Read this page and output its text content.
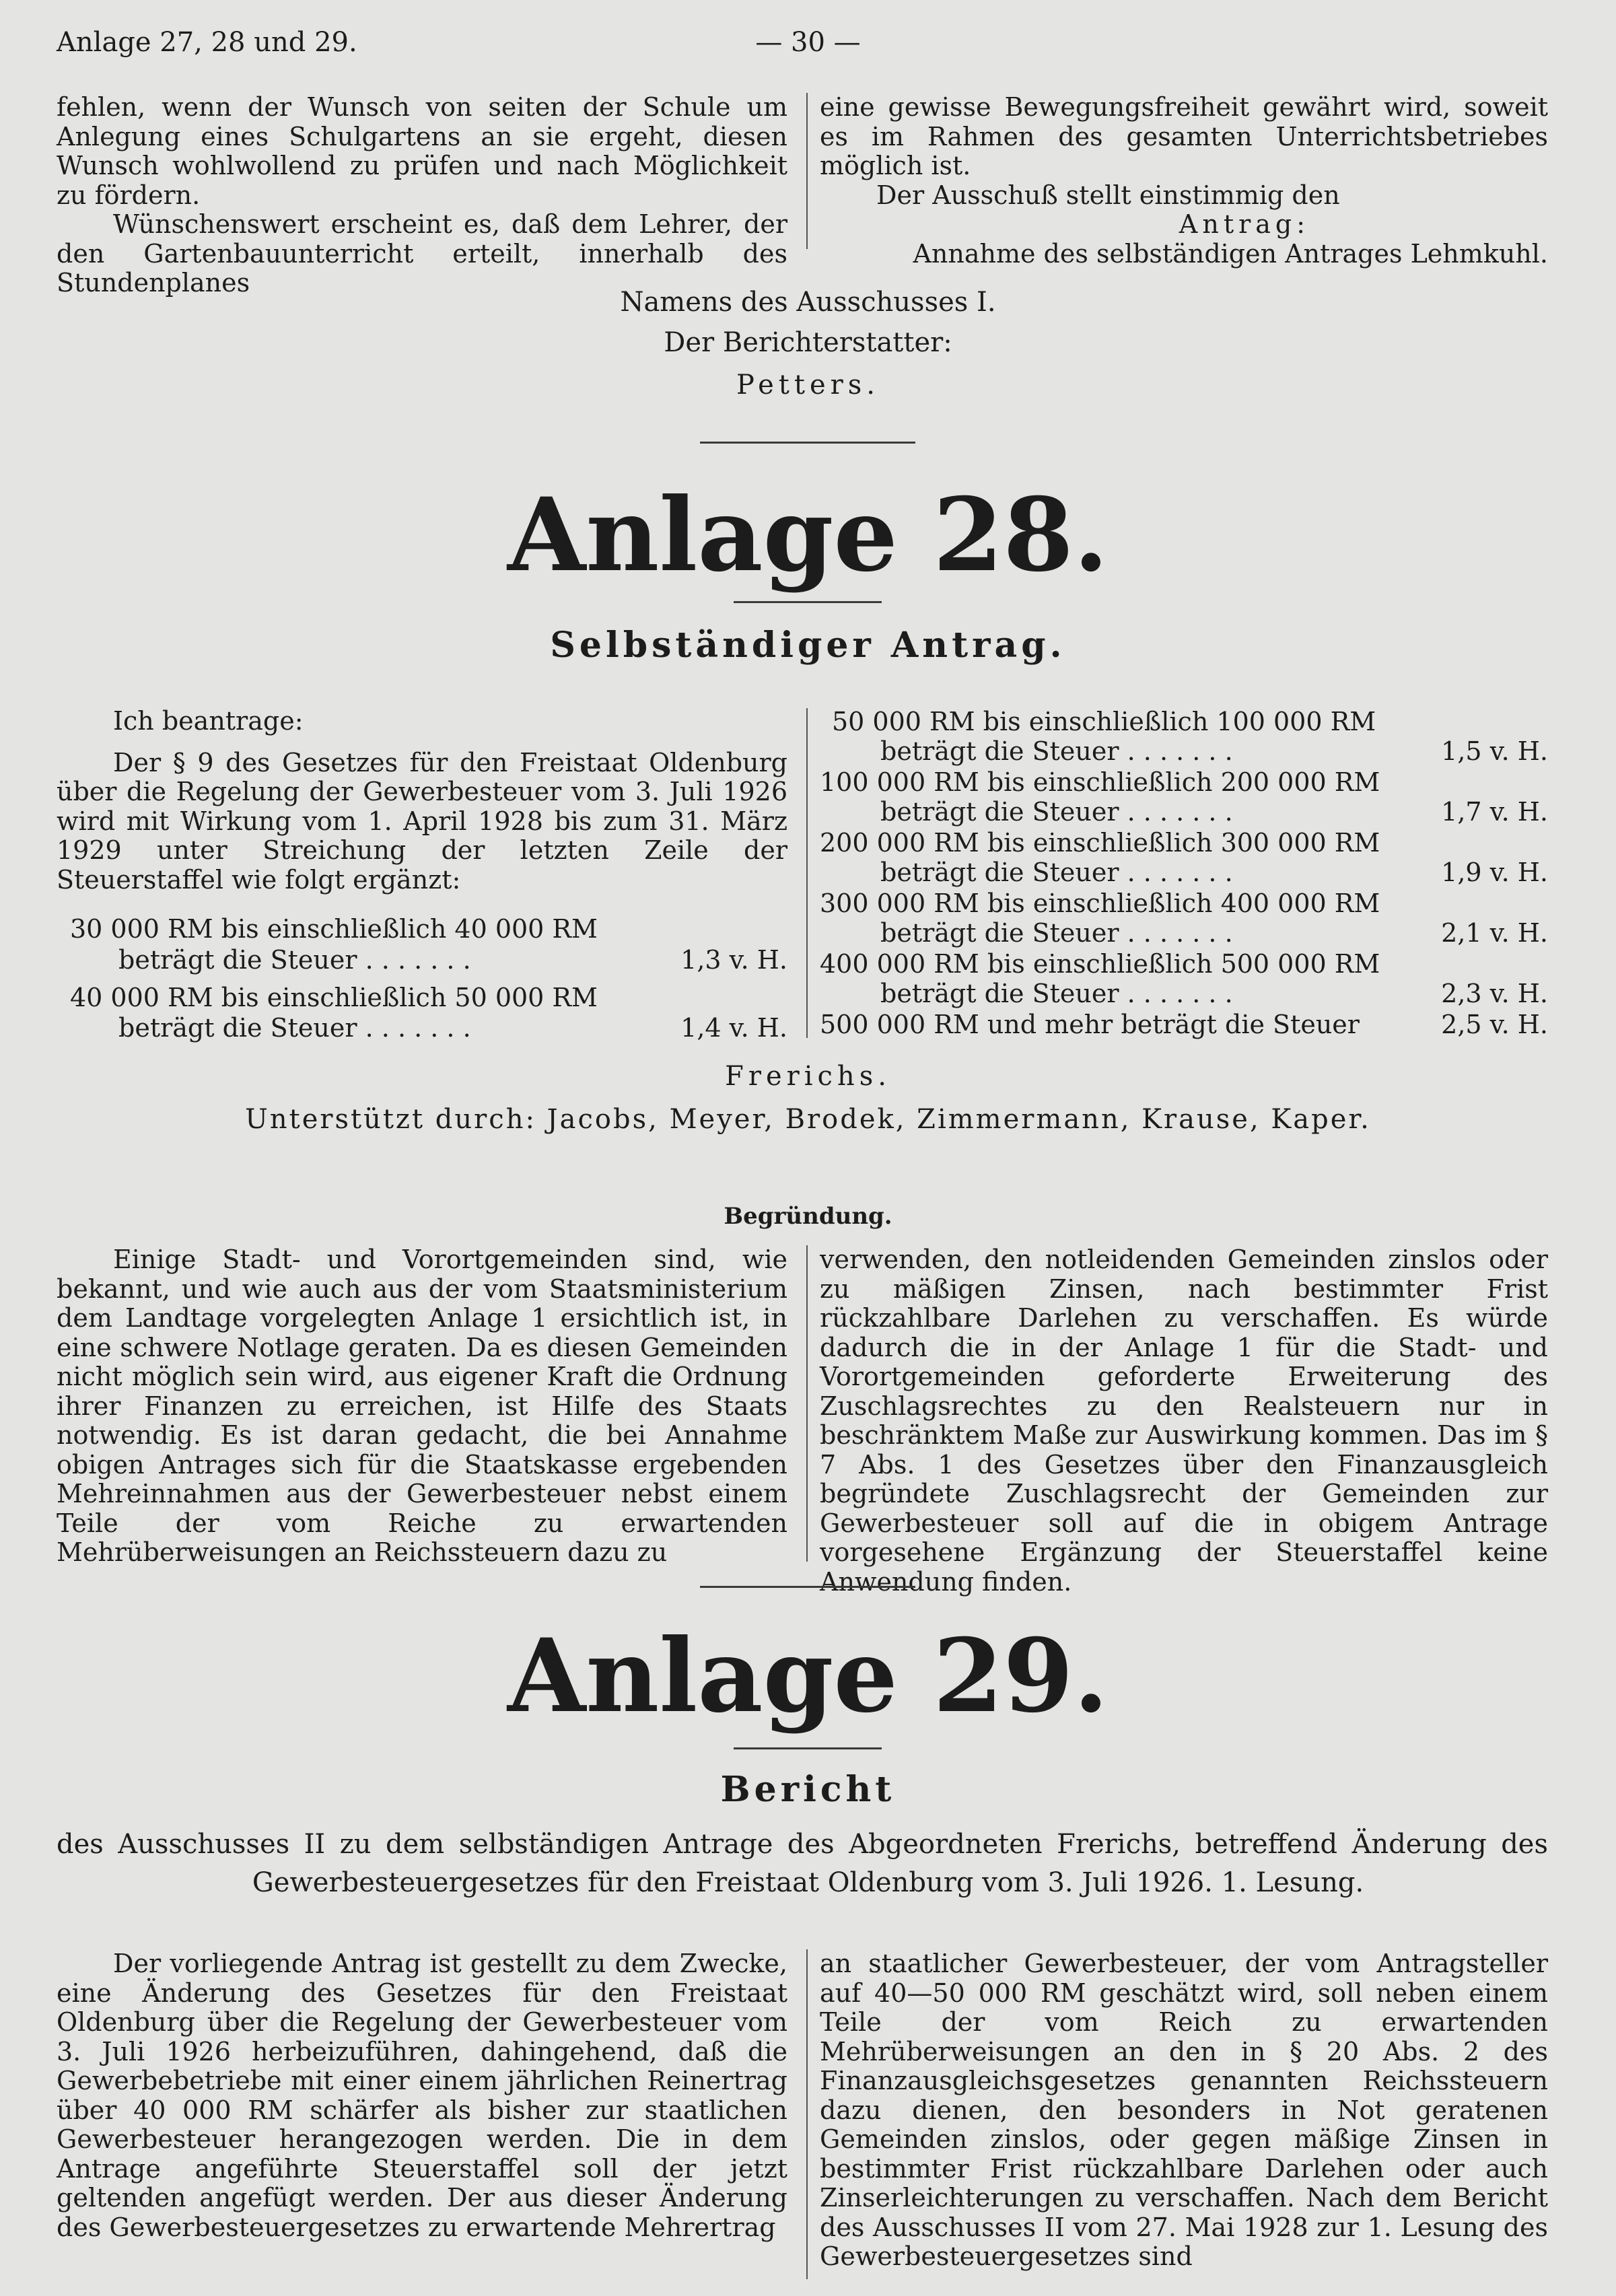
Anlage 27, 28 und 29.	— 30 —

fehlen, wenn der Wunsch von seiten der Schule um Anlegung eines Schulgartens an sie ergeht, diesen Wunsch wohlwollend zu prüfen und nach Möglichkeit zu fördern.

Wünschenswert erscheint es, daß dem Lehrer, der den Gartenbauunterricht erteilt, innerhalb des Stundenplanes

eine gewisse Bewegungsfreiheit gewährt wird, soweit es im Rahmen des gesamten Unterrichtsbetriebes möglich ist.

Der Ausschuß stellt einstimmig den

Antrag:

Annahme des selbständigen Antrages Lehmkuhl.

Namens des Ausschusses I.
Der Berichterstatter:
Petters.
Anlage 28.
Selbständiger Antrag.

Ich beantrage:

Der § 9 des Gesetzes für den Freistaat Oldenburg über die Regelung der Gewerbesteuer vom 3. Juli 1926 wird mit Wirkung vom 1. April 1928 bis zum 31. März 1929 unter Streichung der letzten Zeile der Steuerstaffel wie folgt ergänzt:

30 000 RM bis einschließlich 40 000 RM
beträgt die Steuer . . . . . . .	1,3 v. H.
40 000 RM bis einschließlich 50 000 RM
beträgt die Steuer . . . . . . .	1,4 v. H.
50 000 RM bis einschließlich 100 000 RM
beträgt die Steuer . . . . . . .	1,5 v. H.
100 000 RM bis einschließlich 200 000 RM
beträgt die Steuer . . . . . . .	1,7 v. H.
200 000 RM bis einschließlich 300 000 RM
beträgt die Steuer . . . . . . .	1,9 v. H.
300 000 RM bis einschließlich 400 000 RM
beträgt die Steuer . . . . . . .	2,1 v. H.
400 000 RM bis einschließlich 500 000 RM
beträgt die Steuer . . . . . . .	2,3 v. H.
500 000 RM und mehr beträgt die Steuer	2,5 v. H.
Frerichs.
Unterstützt durch: Jacobs, Meyer, Brodek, Zimmermann, Krause, Kaper.
Begründung.

Einige Stadt- und Vorortgemeinden sind, wie bekannt, und wie auch aus der vom Staatsministerium dem Landtage vorgelegten Anlage 1 ersichtlich ist, in eine schwere Notlage geraten. Da es diesen Gemeinden nicht möglich sein wird, aus eigener Kraft die Ordnung ihrer Finanzen zu erreichen, ist Hilfe des Staats notwendig. Es ist daran gedacht, die bei Annahme obigen Antrages sich für die Staatskasse ergebenden Mehreinnahmen aus der Gewerbesteuer nebst einem Teile der vom Reiche zu erwartenden Mehrüberweisungen an Reichssteuern dazu zu

verwenden, den notleidenden Gemeinden zinslos oder zu mäßigen Zinsen, nach bestimmter Frist rückzahlbare Darlehen zu verschaffen. Es würde dadurch die in der Anlage 1 für die Stadt- und Vorortgemeinden geforderte Erweiterung des Zuschlagsrechtes zu den Realsteuern nur in beschränktem Maße zur Auswirkung kommen. Das im § 7 Abs. 1 des Gesetzes über den Finanzausgleich begründete Zuschlagsrecht der Gemeinden zur Gewerbesteuer soll auf die in obigem Antrage vorgesehene Ergänzung der Steuerstaffel keine Anwendung finden.

Anlage 29.
Bericht
des Ausschusses II zu dem selbständigen Antrage des Abgeordneten Frerichs, betreffend Änderung des
Gewerbesteuergesetzes für den Freistaat Oldenburg vom 3. Juli 1926. 1. Lesung.

Der vorliegende Antrag ist gestellt zu dem Zwecke, eine Änderung des Gesetzes für den Freistaat Oldenburg über die Regelung der Gewerbesteuer vom 3. Juli 1926 herbeizuführen, dahingehend, daß die Gewerbebetriebe mit einer einem jährlichen Reinertrag über 40 000 RM schärfer als bisher zur staatlichen Gewerbesteuer herangezogen werden. Die in dem Antrage angeführte Steuerstaffel soll der jetzt geltenden angefügt werden. Der aus dieser Änderung des Gewerbesteuergesetzes zu erwartende Mehrertrag

an staatlicher Gewerbesteuer, der vom Antragsteller auf 40—50 000 RM geschätzt wird, soll neben einem Teile der vom Reich zu erwartenden Mehrüberweisungen an den in § 20 Abs. 2 des Finanzausgleichsgesetzes genannten Reichssteuern dazu dienen, den besonders in Not geratenen Gemeinden zinslos, oder gegen mäßige Zinsen in bestimmter Frist rückzahlbare Darlehen oder auch Zinserleichterungen zu verschaffen. Nach dem Bericht des Ausschusses II vom 27. Mai 1928 zur 1. Lesung des Gewerbesteuergesetzes sind
